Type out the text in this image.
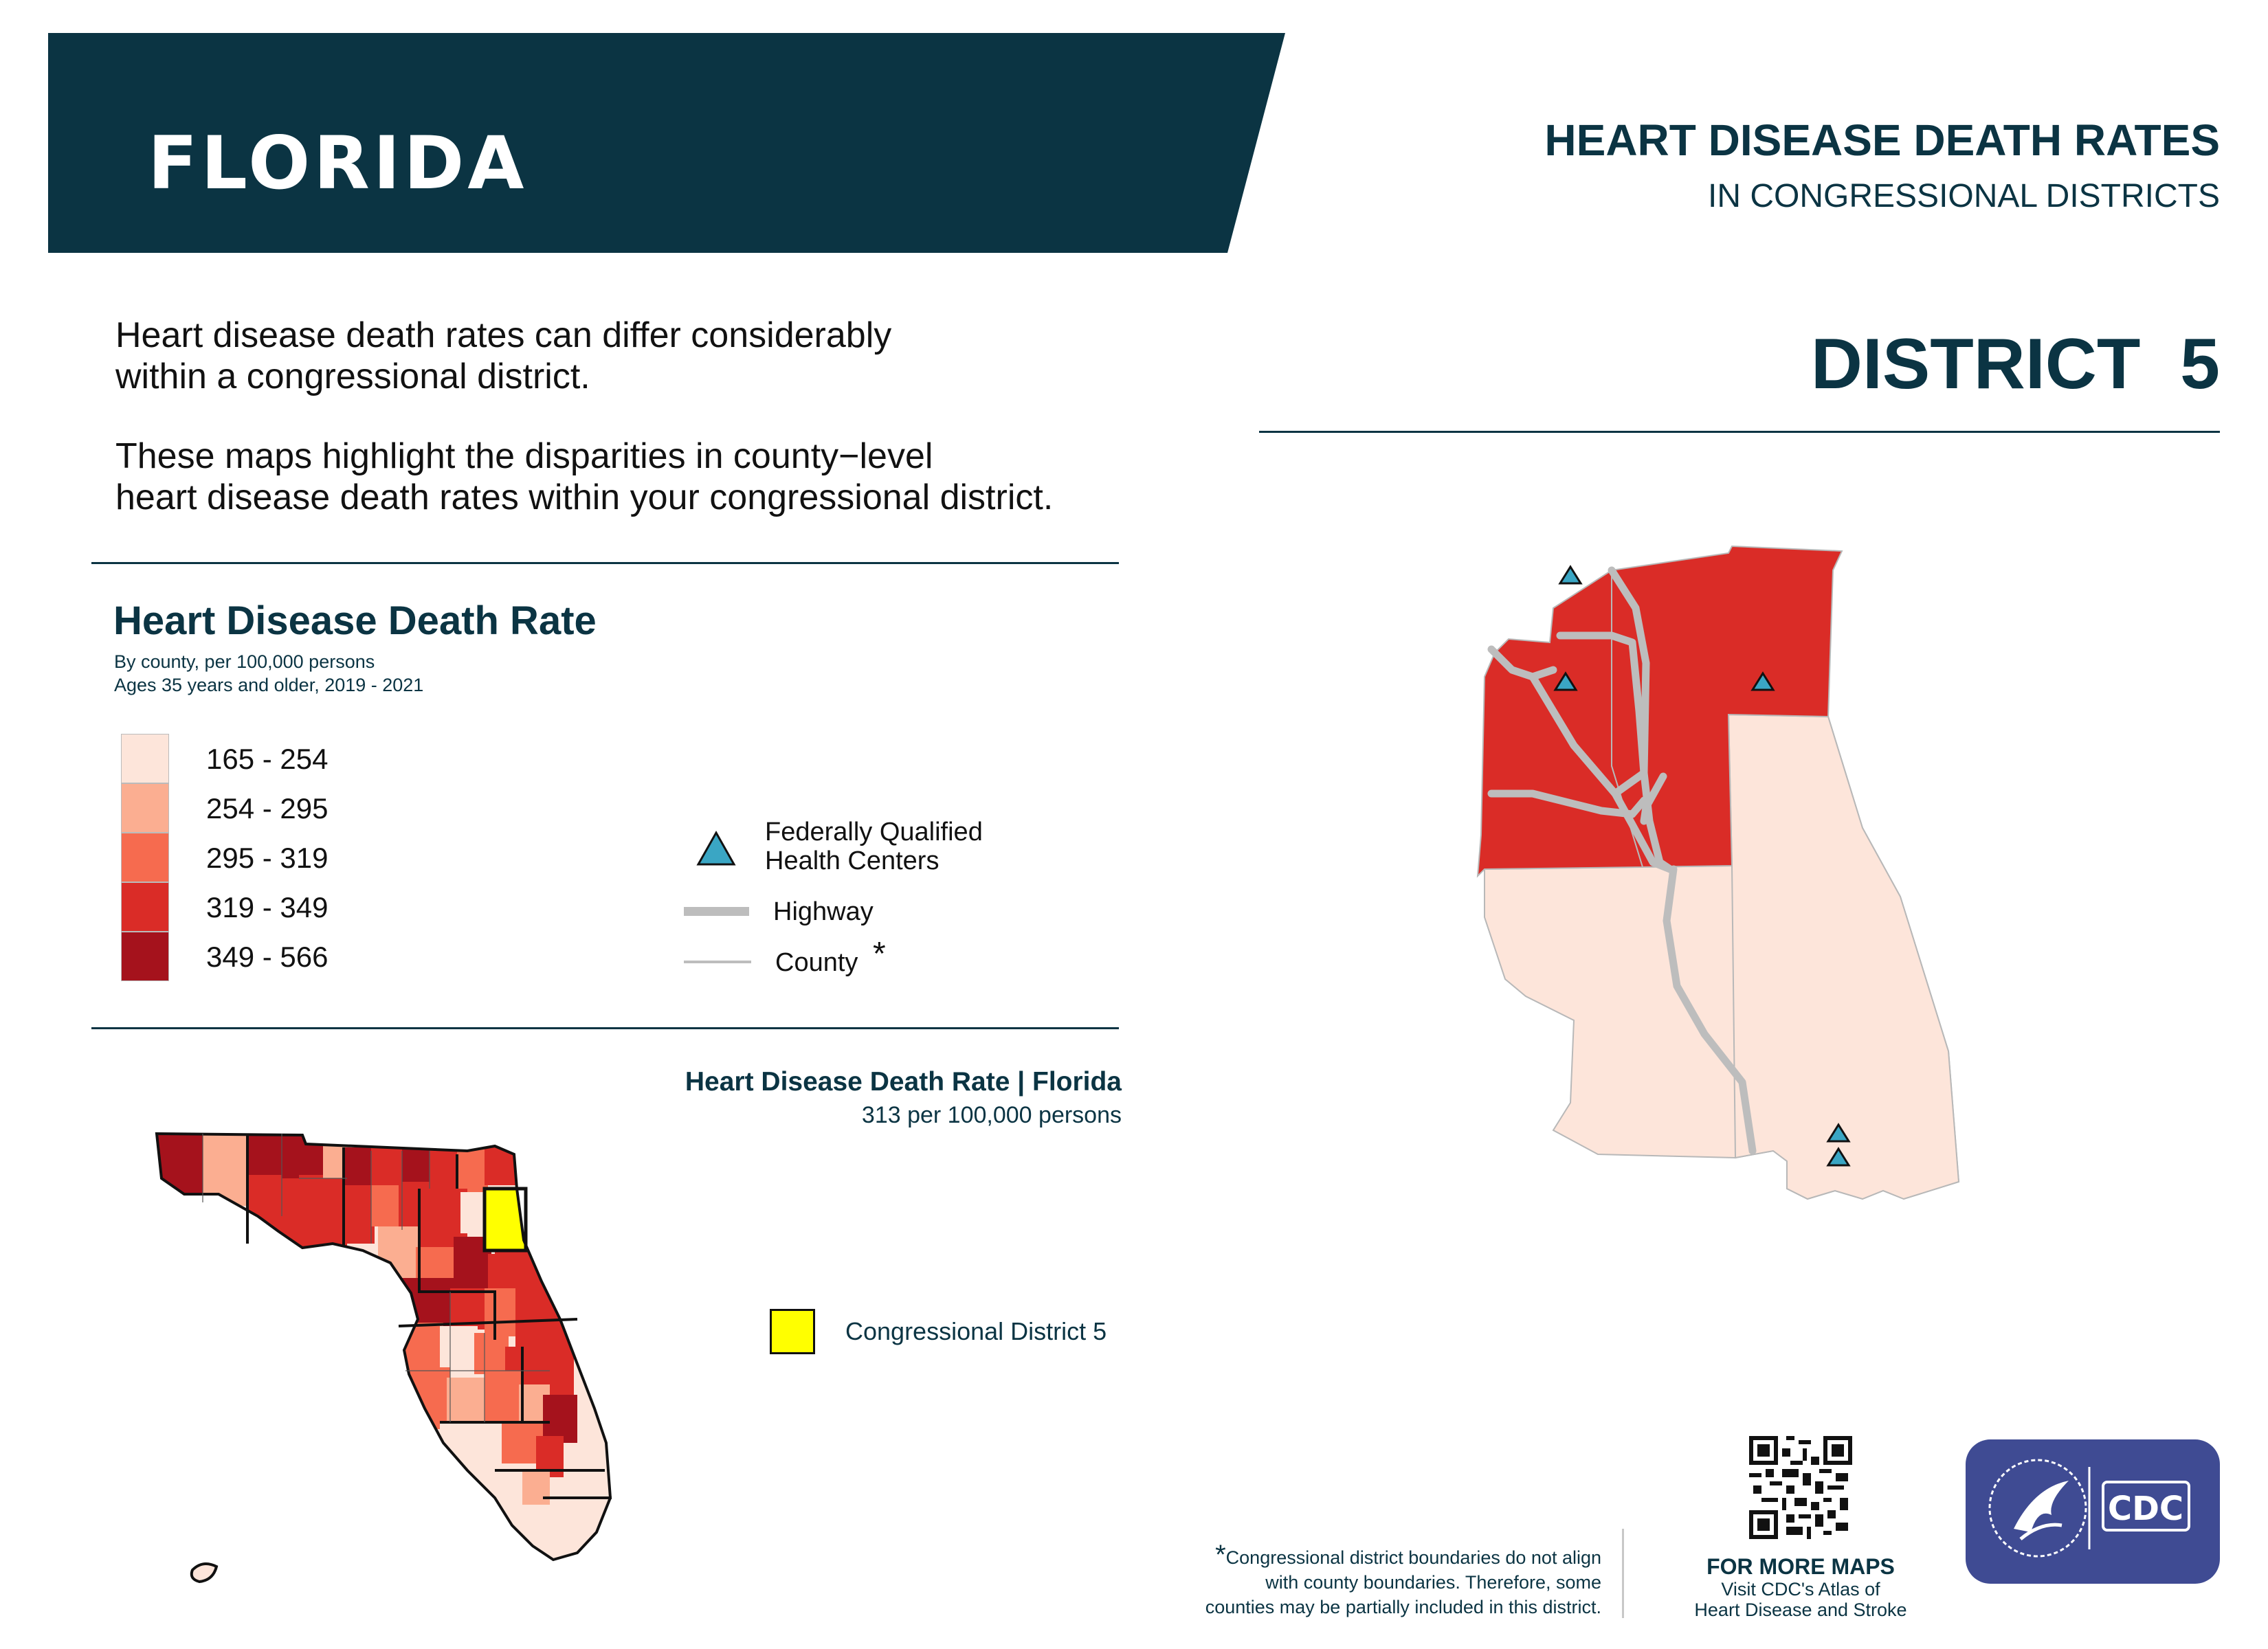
FLORIDA	HEART DISEASE DEATH RATES
IN CONGRESSIONAL DISTRICTS
DISTRICT  5
Heart disease death rates can differ considerably
within a congressional district.
These maps highlight the disparities in county−level
heart disease death rates within your congressional district.
Heart Disease Death Rate
By county, per 100,000 persons
Ages 35 years and older, 2019 - 2021
165 - 254
254 - 295
295 - 319
319 - 349
349 - 566
Federally Qualified
Health Centers
Highway
County *
Heart Disease Death Rate | Florida
313 per 100,000 persons
Congressional District 5
*Congressional district boundaries do not align
with county boundaries. Therefore, some
counties may be partially included in this district.
FOR MORE MAPS
Visit CDC's Atlas of
Heart Disease and Stroke
CDC
